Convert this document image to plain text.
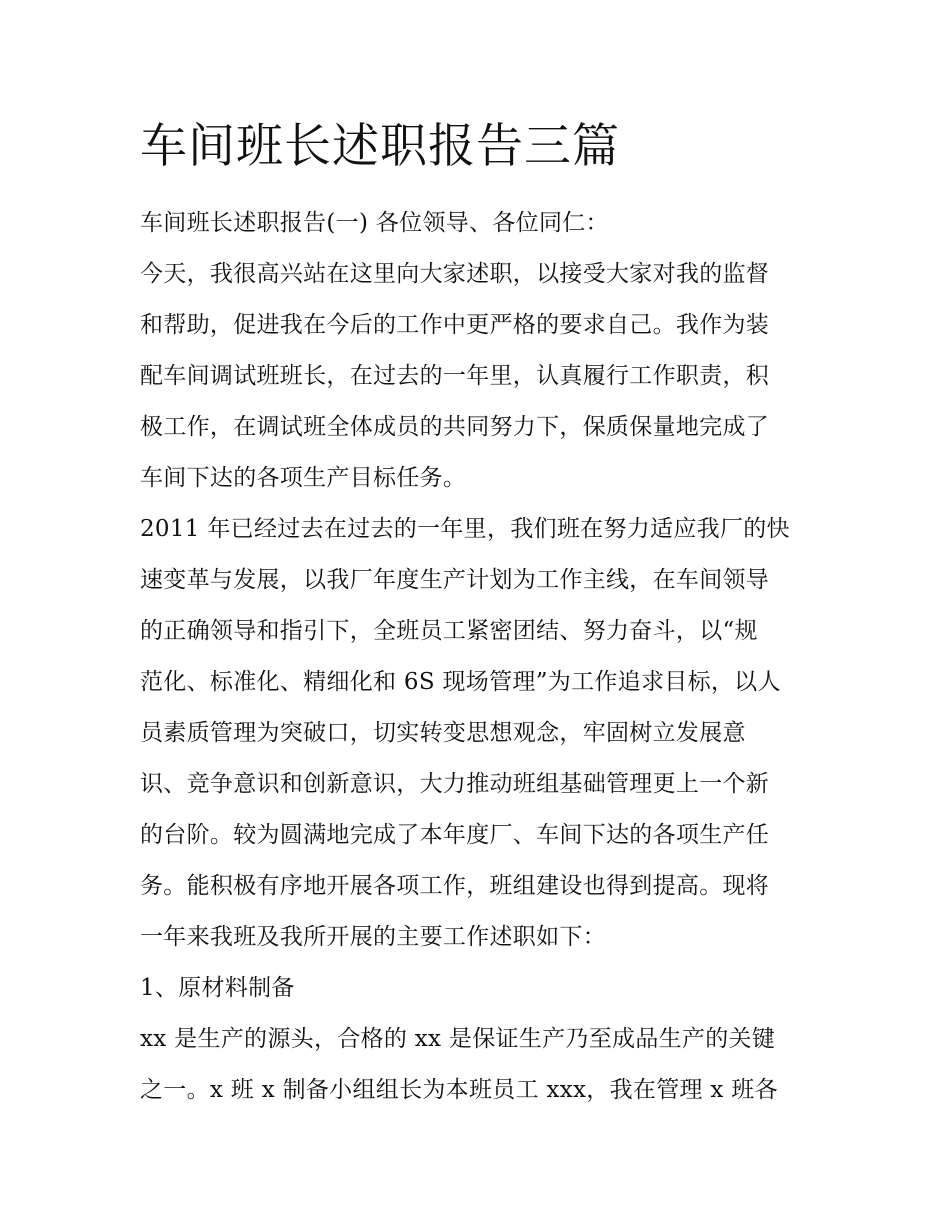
车间班长述职报告三篇
车间班长述职报告(一) 各位领导、各位同仁：
今天，我很高兴站在这里向大家述职，以接受大家对我的监督
和帮助，促进我在今后的工作中更严格的要求自己。我作为装
配车间调试班班长，在过去的一年里，认真履行工作职责，积
极工作，在调试班全体成员的共同努力下，保质保量地完成了
车间下达的各项生产目标任务。
2011 年已经过去在过去的一年里，我们班在努力适应我厂的快
速变革与发展，以我厂年度生产计划为工作主线，在车间领导
的正确领导和指引下，全班员工紧密团结、努力奋斗，以“规
范化、标准化、精细化和 6S 现场管理”为工作追求目标，以人
员素质管理为突破口，切实转变思想观念，牢固树立发展意
识、竞争意识和创新意识，大力推动班组基础管理更上一个新
的台阶。较为圆满地完成了本年度厂、车间下达的各项生产任
务。能积极有序地开展各项工作，班组建设也得到提高。现将
一年来我班及我所开展的主要工作述职如下：
1、原材料制备
xx 是生产的源头，合格的 xx 是保证生产乃至成品生产的关键
之一。x 班 x 制备小组组长为本班员工 xxx，我在管理 x 班各
